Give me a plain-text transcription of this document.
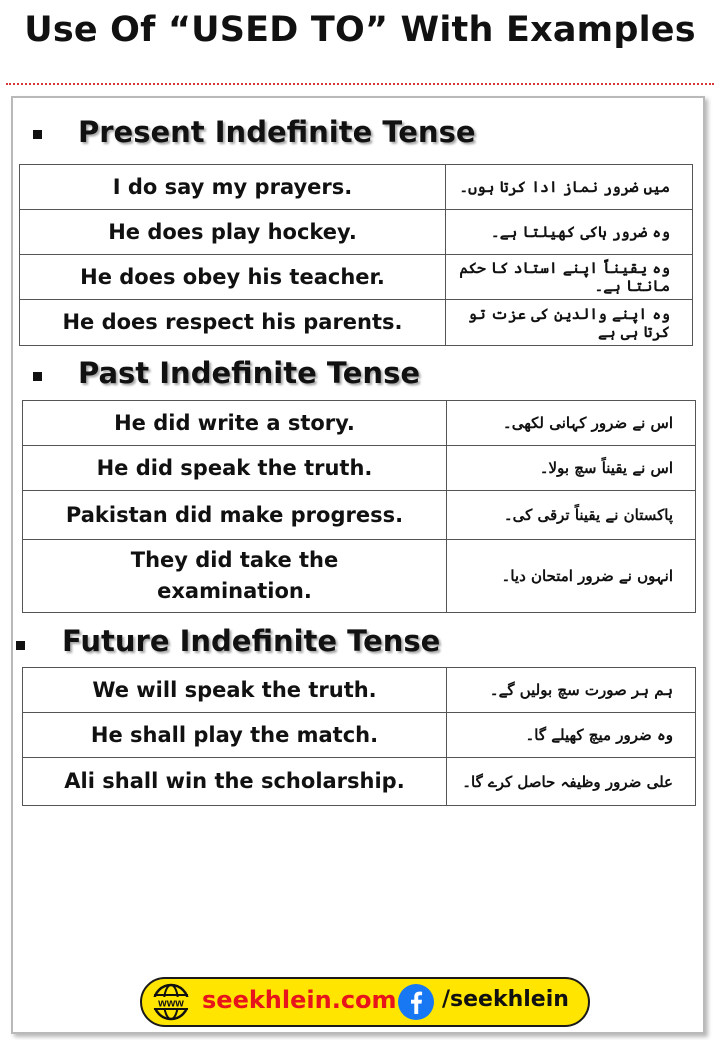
Use Of “USED TO” With Examples
Present Indefinite Tense
I do say my prayers.	میں ضرور نماز ادا کرتا ہوں۔
He does play hockey.	وہ ضرور ہاکی کھیلتا ہے۔
He does obey his teacher.	وہ یقیناً اپنے استاد کا حکم مانتا ہے۔
He does respect his parents.	وہ اپنے والدین کی عزت تو کرتا ہی ہے
Past Indefinite Tense
He did write a story.	اس نے ضرور کہانی لکھی۔
He did speak the truth.	اس نے یقیناً سچ بولا۔
Pakistan did make progress.	پاکستان نے یقیناً ترقی کی۔
They did take the examination.	انہوں نے ضرور امتحان دیا۔
Future Indefinite Tense
We will speak the truth.	ہم ہر صورت سچ بولیں گے۔
He shall play the match.	وہ ضرور میچ کھیلے گا۔
Ali shall win the scholarship.	علی ضرور وظیفہ حاصل کرے گا۔
www seekhlein.com /seekhlein
